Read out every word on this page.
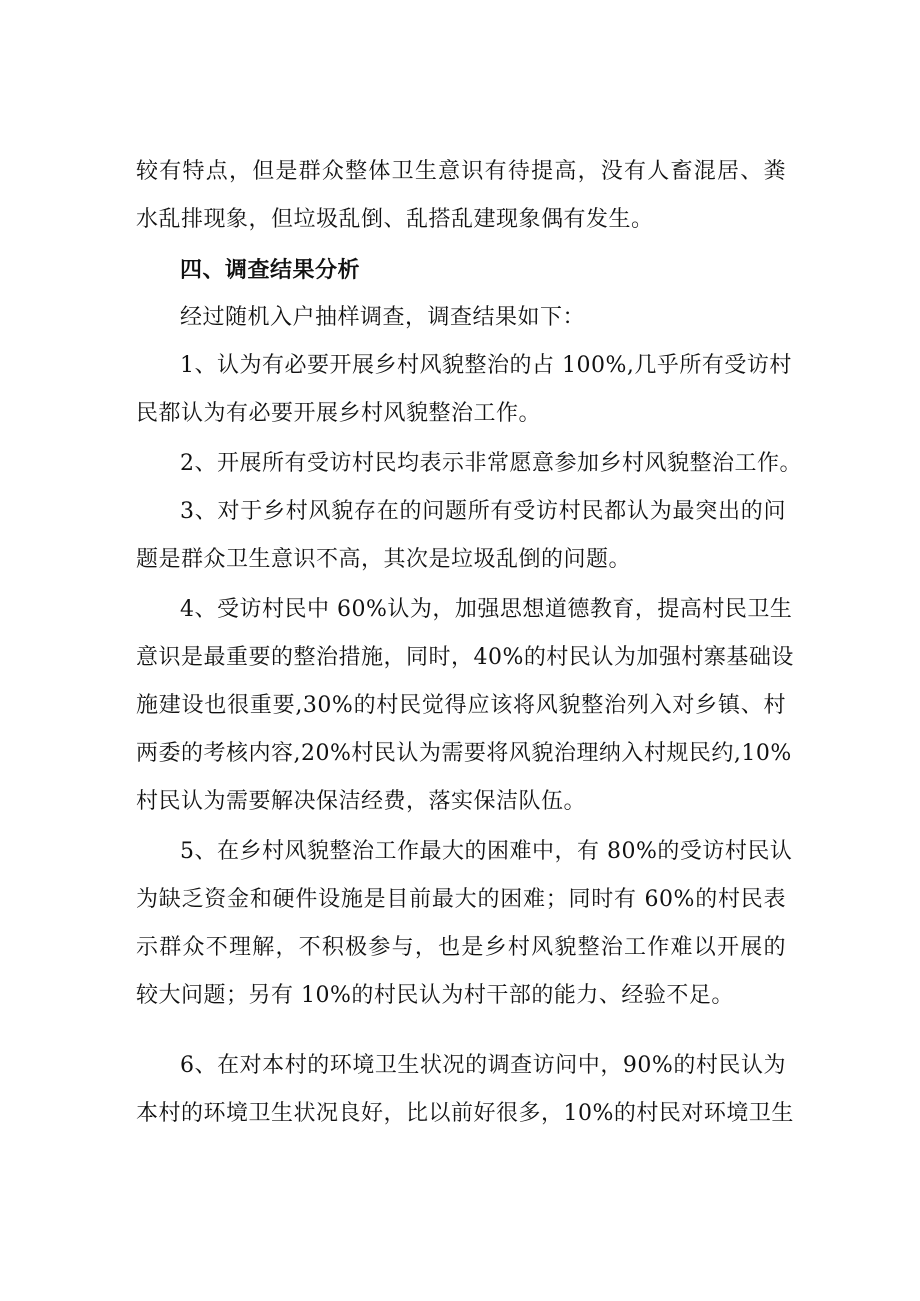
较有特点，但是群众整体卫生意识有待提高，没有人畜混居、粪
水乱排现象，但垃圾乱倒、乱搭乱建现象偶有发生。
四、调查结果分析
经过随机入户抽样调查，调查结果如下：
1、认为有必要开展乡村风貌整治的占 100%,几乎所有受访村
民都认为有必要开展乡村风貌整治工作。
2、开展所有受访村民均表示非常愿意参加乡村风貌整治工作。
3、对于乡村风貌存在的问题所有受访村民都认为最突出的问
题是群众卫生意识不高，其次是垃圾乱倒的问题。
4、受访村民中 60%认为，加强思想道德教育，提高村民卫生
意识是最重要的整治措施，同时，40%的村民认为加强村寨基础设
施建设也很重要,30%的村民觉得应该将风貌整治列入对乡镇、村
两委的考核内容,20%村民认为需要将风貌治理纳入村规民约,10%
村民认为需要解决保洁经费，落实保洁队伍。
5、在乡村风貌整治工作最大的困难中，有 80%的受访村民认
为缺乏资金和硬件设施是目前最大的困难；同时有 60%的村民表
示群众不理解，不积极参与，也是乡村风貌整治工作难以开展的
较大问题；另有 10%的村民认为村干部的能力、经验不足。
6、在对本村的环境卫生状况的调查访问中，90%的村民认为
本村的环境卫生状况良好，比以前好很多，10%的村民对环境卫生
